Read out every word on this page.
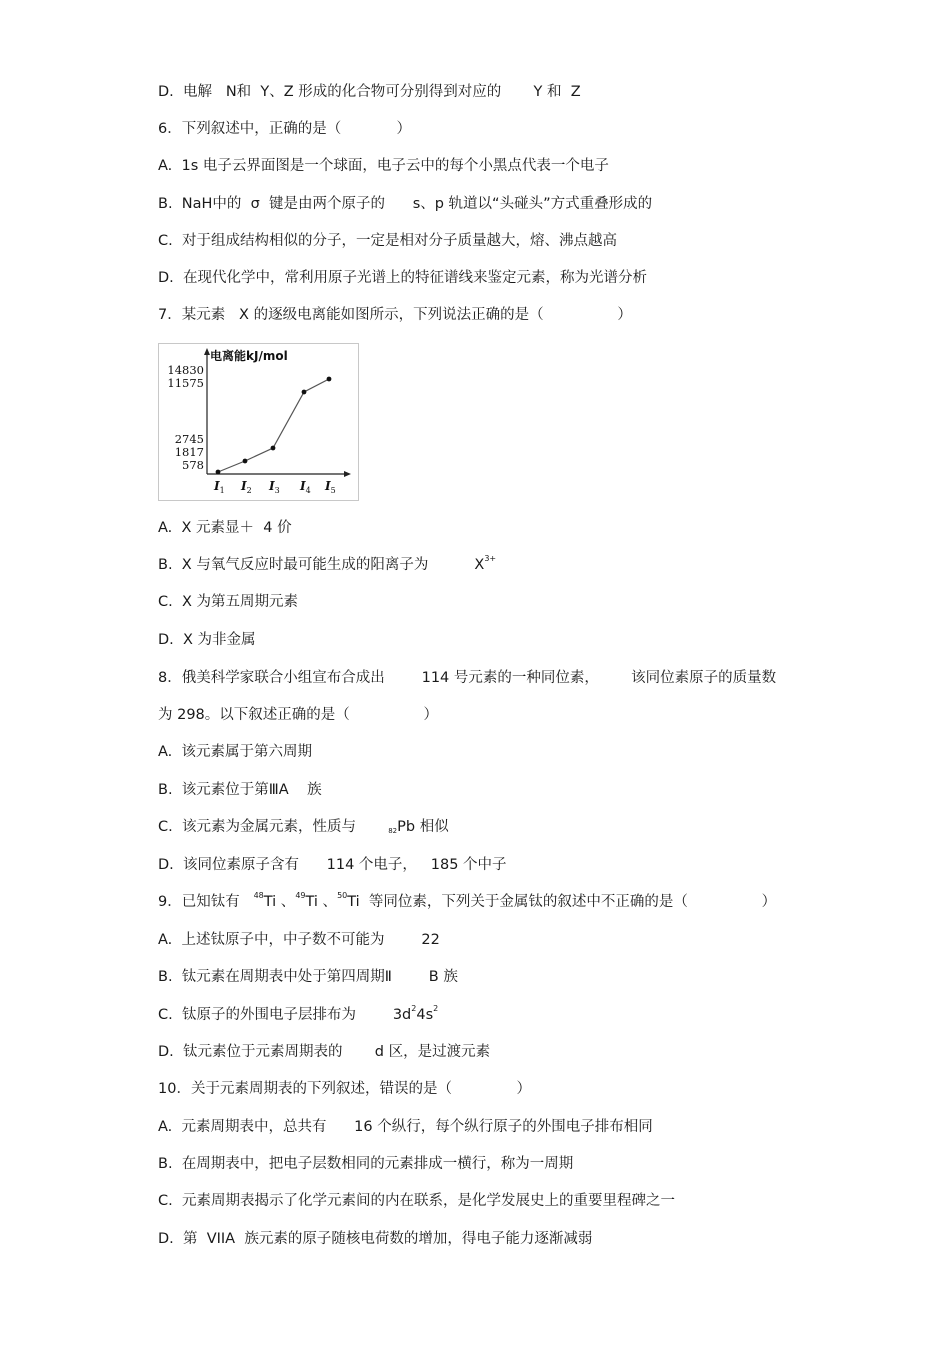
D.  电解   N和  Y、Z 形成的化合物可分别得到对应的       Y 和  Z
6．下列叙述中，正确的是（            ）
A.  1s 电子云界面图是一个球面，电子云中的每个小黑点代表一个电子
B.  NaH中的  σ  键是由两个原子的      s、p 轨道以“头碰头”方式重叠形成的
C.  对于组成结构相似的分子，一定是相对分子质量越大，熔、沸点越高
D.  在现代化学中，常利用原子光谱上的特征谱线来鉴定元素，称为光谱分析
7．某元素   X 的逐级电离能如图所示，下列说法正确的是（                ）
电离能kJ/mol
14830
11575
2745
1817
578
$I_1$ $I_2$ $I_3$ $I_4$ $I_5$
A.  X 元素显＋  4 价
B.  X 与氧气反应时最可能生成的阳离子为          $X^{3+}$
C.  X 为第五周期元素
D.  X 为非金属
8．俄美科学家联合小组宣布合成出        114 号元素的一种同位素，       该同位素原子的质量数
为 298。以下叙述正确的是（                ）
A.  该元素属于第六周期
B.  该元素位于第ⅢA    族
C.  该元素为金属元素，性质与       $_{82}$Pb 相似
D.  该同位素原子含有      114 个电子，   185 个中子
9．已知钛有   $^{48}$Ti 、$^{49}$Ti 、$^{50}$Ti  等同位素，下列关于金属钛的叙述中不正确的是（                ）
A.  上述钛原子中，中子数不可能为        22
B.  钛元素在周期表中处于第四周期Ⅱ        B 族
C.  钛原子的外围电子层排布为        $3d^24s^2$
D.  钛元素位于元素周期表的       d 区，是过渡元素
10．关于元素周期表的下列叙述，错误的是（              ）
A.  元素周期表中，总共有      16 个纵行，每个纵行原子的外围电子排布相同
B.  在周期表中，把电子层数相同的元素排成一横行，称为一周期
C.  元素周期表揭示了化学元素间的内在联系，是化学发展史上的重要里程碑之一
D.  第  VIIA  族元素的原子随核电荷数的增加，得电子能力逐渐减弱
